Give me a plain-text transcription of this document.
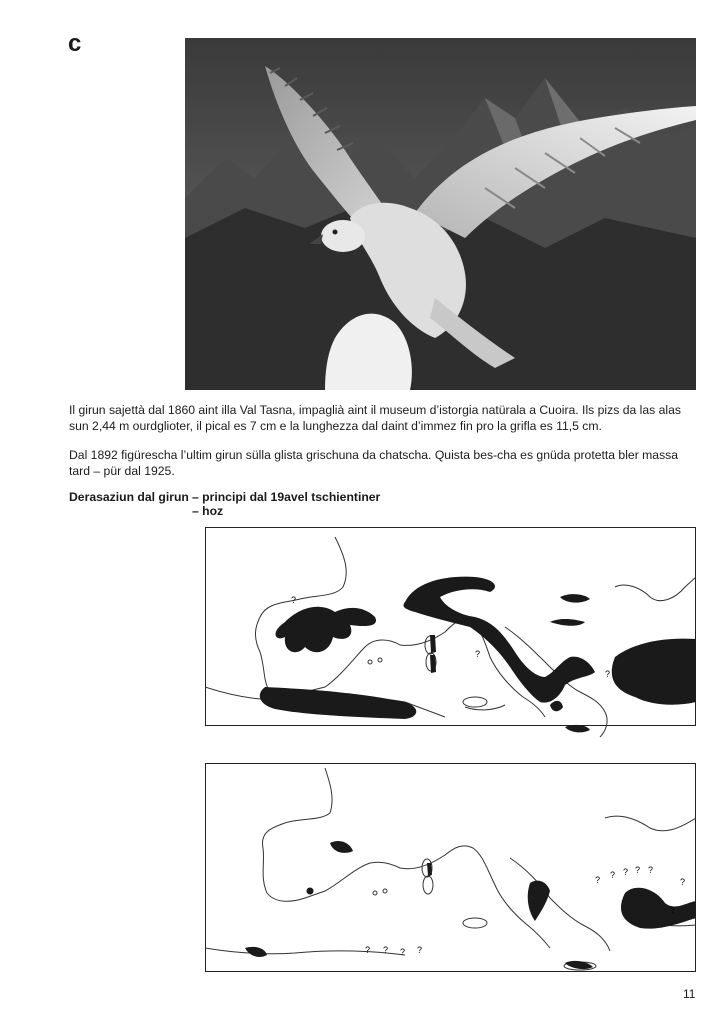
c

Il girun sajettà dal 1860 aint illa Val Tasna, impaglià aint il museum d’istorgia natürala a Cuoira. Ils pizs da las alas sun 2,44 m ourdglioter, il pical es 7 cm e la lunghezza dal daint d’immez fin pro la grifla es 11,5 cm.

Dal 1892 figürescha l’ultim girun sülla glista grischuna da chatscha. Quista bes-cha es gnüda protetta bler massa tard – pür dal 1925.

Derasaziun dal girun – principi dal 19avel tschientiner
– hoz
?
?
?
? ? ? ? ?
?
?
? ? ? ?
11
